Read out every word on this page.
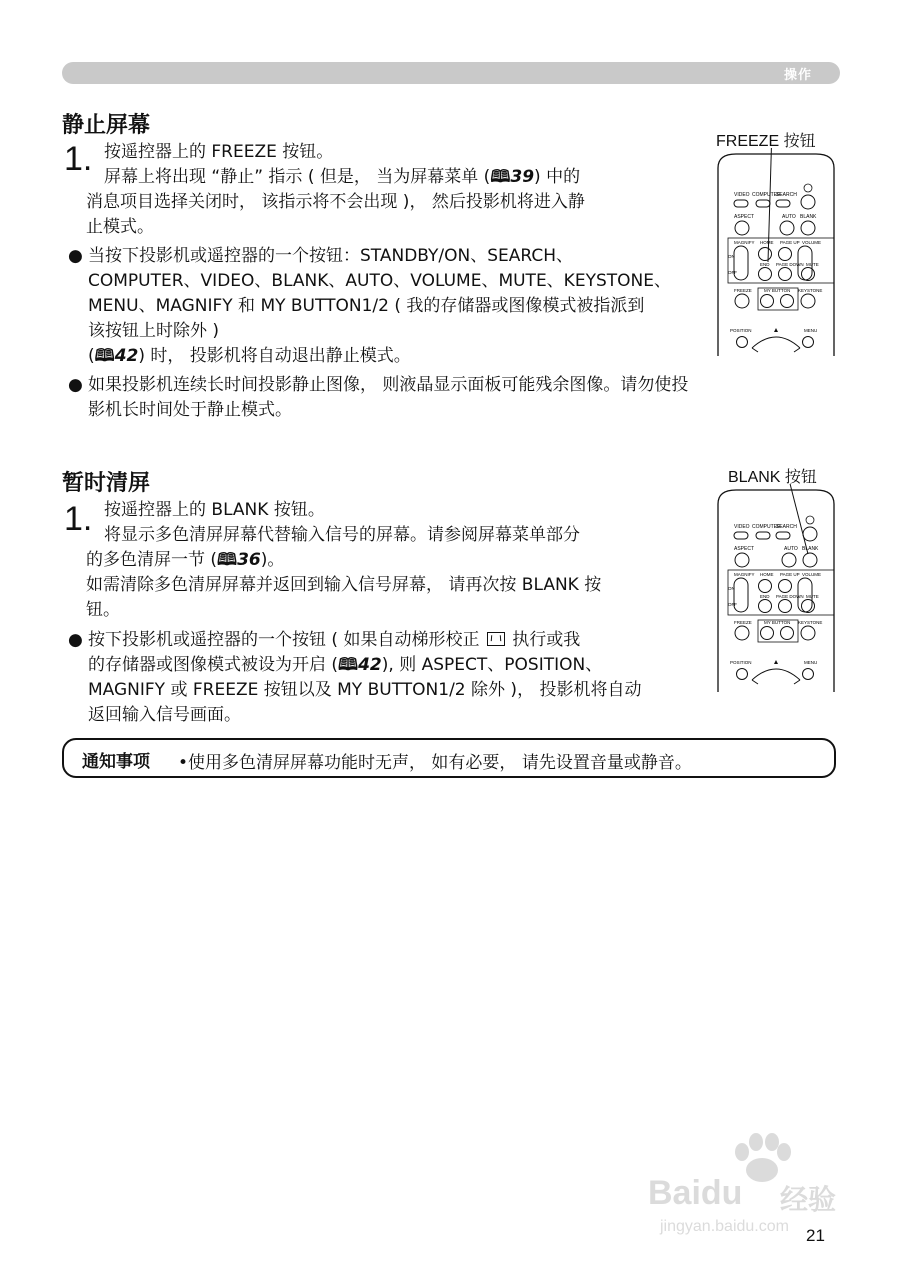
操作
静止屏幕
FREEZE 按钮
VIDEO COMPUTER
SEARCH
ASPECT	AUTO BLANK
MAGNIFY HOME PAGE UP VOLUME
ON
OFF
END PAGE DOWN MUTE
FREEZE	MY BUTTON KEYSTONE
POSITION	MENU
1. 按遥控器上的 FREEZE 按钮。
屏幕上将出现 “静止” 指示 ( 但是， 当为屏幕菜单 (🕮39) 中的
消息项目选择关闭时， 该指示将不会出现 )， 然后投影机将进入静
止模式。
● 当按下投影机或遥控器的一个按钮：STANDBY/ON、SEARCH、
COMPUTER、VIDEO、BLANK、AUTO、VOLUME、MUTE、KEYSTONE、
MENU、MAGNIFY 和 MY BUTTON1/2 ( 我的存储器或图像模式被指派到
该按钮上时除外 )
(🕮42) 时， 投影机将自动退出静止模式。
● 如果投影机连续长时间投影静止图像， 则液晶显示面板可能残余图像。请勿使投
影机长时间处于静止模式。
暂时清屏	BLANK 按钮
VIDEO COMPUTER
SEARCH
ASPECT	AUTO BLANK
MAGNIFY HOME PAGE UP VOLUME
ON
OFF
END PAGE DOWN MUTE
FREEZE	MY BUTTON KEYSTONE
POSITION	MENU
1. 按遥控器上的 BLANK 按钮。
将显示多色清屏屏幕代替输入信号的屏幕。请参阅屏幕菜单部分
的多色清屏一节 (🕮36)。
如需清除多色清屏屏幕并返回到输入信号屏幕， 请再次按 BLANK 按
钮。
● 按下投影机或遥控器的一个按钮 ( 如果自动梯形校正 执行或我
的存储器或图像模式被设为开启 (🕮42), 则 ASPECT、POSITION、
MAGNIFY 或 FREEZE 按钮以及 MY BUTTON1/2 除外 )， 投影机将自动
返回输入信号画面。
通知事项 •使用多色清屏屏幕功能时无声， 如有必要， 请先设置音量或静音。
Baidu 经验
jingyan.baidu.com 21
